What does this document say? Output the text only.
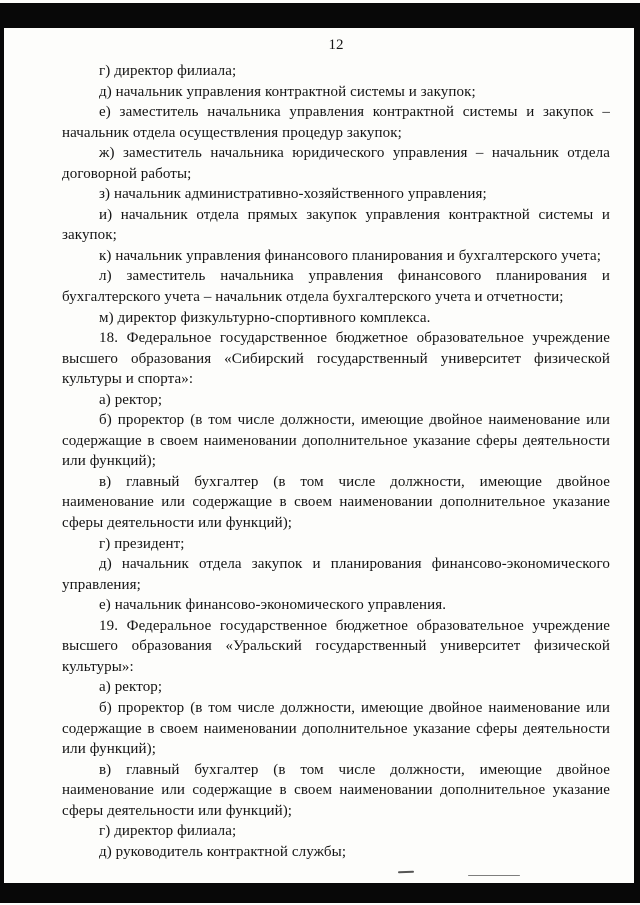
12

г) директор филиала;

д) начальник управления контрактной системы и закупок;

е) заместитель начальника управления контрактной системы и закупок – начальник отдела осуществления процедур закупок;

ж) заместитель начальника юридического управления – начальник отдела договорной работы;

з) начальник административно-хозяйственного управления;

и) начальник отдела прямых закупок управления контрактной системы и закупок;

к) начальник управления финансового планирования и бухгалтерского учета;

л) заместитель начальника управления финансового планирования и бухгалтерского учета – начальник отдела бухгалтерского учета и отчетности;

м) директор физкультурно-спортивного комплекса.

18. Федеральное государственное бюджетное образовательное учреждение высшего образования «Сибирский государственный университет физической культуры и спорта»:

а) ректор;

б) проректор (в том числе должности, имеющие двойное наименование или содержащие в своем наименовании дополнительное указание сферы деятельности или функций);

в) главный бухгалтер (в том числе должности, имеющие двойное наименование или содержащие в своем наименовании дополнительное указание сферы деятельности или функций);

г) президент;

д) начальник отдела закупок и планирования финансово-экономического управления;

е) начальник финансово-экономического управления.

19. Федеральное государственное бюджетное образовательное учреждение высшего образования «Уральский государственный университет физической культуры»:

а) ректор;

б) проректор (в том числе должности, имеющие двойное наименование или содержащие в своем наименовании дополнительное указание сферы деятельности или функций);

в) главный бухгалтер (в том числе должности, имеющие двойное наименование или содержащие в своем наименовании дополнительное указание сферы деятельности или функций);

г) директор филиала;

д) руководитель контрактной службы;
